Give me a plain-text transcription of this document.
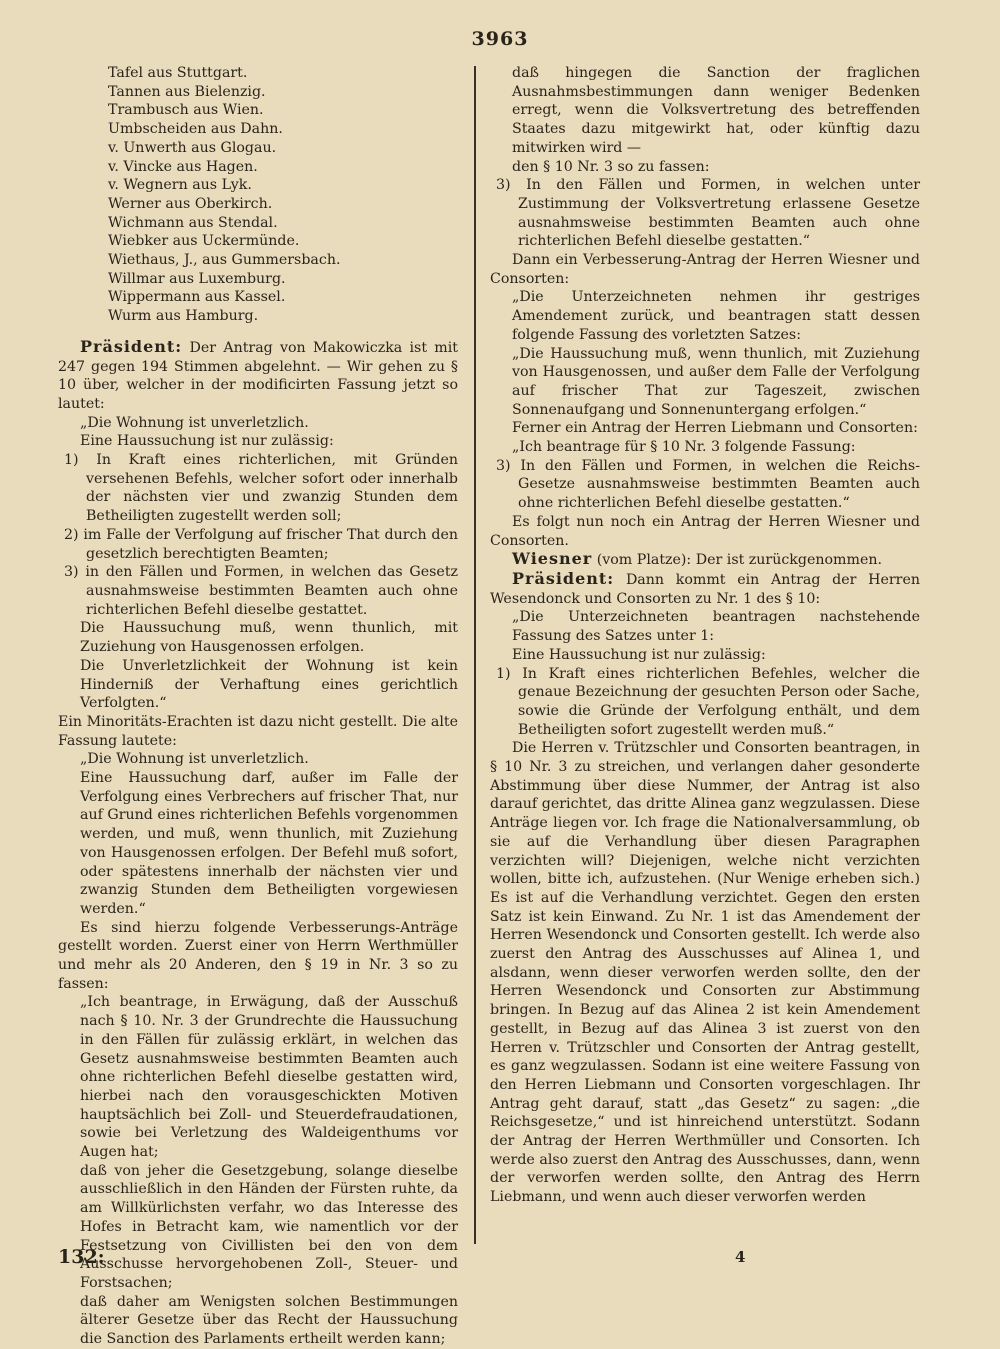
3963

Tafel aus Stuttgart.

Tannen aus Bielenzig.

Trambusch aus Wien.

Umbscheiden aus Dahn.

v. Unwerth aus Glogau.

v. Vincke aus Hagen.

v. Wegnern aus Lyk.

Werner aus Oberkirch.

Wichmann aus Stendal.

Wiebker aus Uckermünde.

Wiethaus, J., aus Gummersbach.

Willmar aus Luxemburg.

Wippermann aus Kassel.

Wurm aus Hamburg.

Präsident: Der Antrag von Makowiczka ist mit 247 gegen 194 Stimmen abgelehnt. — Wir gehen zu § 10 über, welcher in der modificirten Fassung jetzt so lautet:

„Die Wohnung ist unverletzlich.

Eine Haussuchung ist nur zulässig:

1) In Kraft eines richterlichen, mit Gründen versehenen Befehls, welcher sofort oder innerhalb der nächsten vier und zwanzig Stunden dem Betheiligten zugestellt werden soll;

2) im Falle der Verfolgung auf frischer That durch den gesetzlich berechtigten Beamten;

3) in den Fällen und Formen, in welchen das Gesetz ausnahmsweise bestimmten Beamten auch ohne richterlichen Befehl dieselbe gestattet.

Die Haussuchung muß, wenn thunlich, mit Zuziehung von Hausgenossen erfolgen.

Die Unverletzlichkeit der Wohnung ist kein Hinderniß der Verhaftung eines gerichtlich Verfolgten.“

Ein Minoritäts-Erachten ist dazu nicht gestellt. Die alte Fassung lautete:

„Die Wohnung ist unverletzlich.

Eine Haussuchung darf, außer im Falle der Verfolgung eines Verbrechers auf frischer That, nur auf Grund eines richterlichen Befehls vorgenommen werden, und muß, wenn thunlich, mit Zuziehung von Hausgenossen erfolgen. Der Befehl muß sofort, oder spätestens innerhalb der nächsten vier und zwanzig Stunden dem Betheiligten vorgewiesen werden.“

Es sind hierzu folgende Verbesserungs-Anträge gestellt worden. Zuerst einer von Herrn Werthmüller und mehr als 20 Anderen, den § 19 in Nr. 3 so zu fassen:

„Ich beantrage, in Erwägung, daß der Ausschuß nach § 10. Nr. 3 der Grundrechte die Haussuchung in den Fällen für zulässig erklärt, in welchen das Gesetz ausnahmsweise bestimmten Beamten auch ohne richterlichen Befehl dieselbe gestatten wird, hierbei nach den vorausgeschickten Motiven hauptsächlich bei Zoll- und Steuerdefraudationen, sowie bei Verletzung des Waldeigenthums vor Augen hat;

daß von jeher die Gesetzgebung, solange dieselbe ausschließlich in den Händen der Fürsten ruhte, da am Willkürlichsten verfahr, wo das Interesse des Hofes in Betracht kam, wie namentlich vor der Festsetzung von Civillisten bei den von dem Ausschusse hervorgehobenen Zoll-, Steuer- und Forstsachen;

daß daher am Wenigsten solchen Bestimmungen älterer Gesetze über das Recht der Haussuchung die Sanction des Parlaments ertheilt werden kann;

daß hingegen die Sanction der fraglichen Ausnahmsbestimmungen dann weniger Bedenken erregt, wenn die Volksvertretung des betreffenden Staates dazu mitgewirkt hat, oder künftig dazu mitwirken wird —

den § 10 Nr. 3 so zu fassen:

3) In den Fällen und Formen, in welchen unter Zustimmung der Volksvertretung erlassene Gesetze ausnahmsweise bestimmten Beamten auch ohne richterlichen Befehl dieselbe gestatten.“

Dann ein Verbesserung-Antrag der Herren Wiesner und Consorten:

„Die Unterzeichneten nehmen ihr gestriges Amendement zurück, und beantragen statt dessen folgende Fassung des vorletzten Satzes:

„Die Haussuchung muß, wenn thunlich, mit Zuziehung von Hausgenossen, und außer dem Falle der Verfolgung auf frischer That zur Tageszeit, zwischen Sonnenaufgang und Sonnenuntergang erfolgen.“

Ferner ein Antrag der Herren Liebmann und Consorten:

„Ich beantrage für § 10 Nr. 3 folgende Fassung:

3) In den Fällen und Formen, in welchen die Reichs-Gesetze ausnahmsweise bestimmten Beamten auch ohne richterlichen Befehl dieselbe gestatten.“

Es folgt nun noch ein Antrag der Herren Wiesner und Consorten.

Wiesner (vom Platze): Der ist zurückgenommen.

Präsident: Dann kommt ein Antrag der Herren Wesendonck und Consorten zu Nr. 1 des § 10:

„Die Unterzeichneten beantragen nachstehende Fassung des Satzes unter 1:

Eine Haussuchung ist nur zulässig:

1) In Kraft eines richterlichen Befehles, welcher die genaue Bezeichnung der gesuchten Person oder Sache, sowie die Gründe der Verfolgung enthält, und dem Betheiligten sofort zugestellt werden muß.“

Die Herren v. Trützschler und Consorten beantragen, in § 10 Nr. 3 zu streichen, und verlangen daher gesonderte Abstimmung über diese Nummer, der Antrag ist also darauf gerichtet, das dritte Alinea ganz wegzulassen. Diese Anträge liegen vor. Ich frage die Nationalversammlung, ob sie auf die Verhandlung über diesen Paragraphen verzichten will? Diejenigen, welche nicht verzichten wollen, bitte ich, aufzustehen. (Nur Wenige erheben sich.) Es ist auf die Verhandlung verzichtet. Gegen den ersten Satz ist kein Einwand. Zu Nr. 1 ist das Amendement der Herren Wesendonck und Consorten gestellt. Ich werde also zuerst den Antrag des Ausschusses auf Alinea 1, und alsdann, wenn dieser verworfen werden sollte, den der Herren Wesendonck und Consorten zur Abstimmung bringen. In Bezug auf das Alinea 2 ist kein Amendement gestellt, in Bezug auf das Alinea 3 ist zuerst von den Herren v. Trützschler und Consorten der Antrag gestellt, es ganz wegzulassen. Sodann ist eine weitere Fassung von den Herren Liebmann und Consorten vorgeschlagen. Ihr Antrag geht darauf, statt „das Gesetz“ zu sagen: „die Reichsgesetze,“ und ist hinreichend unterstützt. Sodann der Antrag der Herren Werthmüller und Consorten. Ich werde also zuerst den Antrag des Ausschusses, dann, wenn der verworfen werden sollte, den Antrag des Herrn Liebmann, und wenn auch dieser verworfen werden

132:	4
